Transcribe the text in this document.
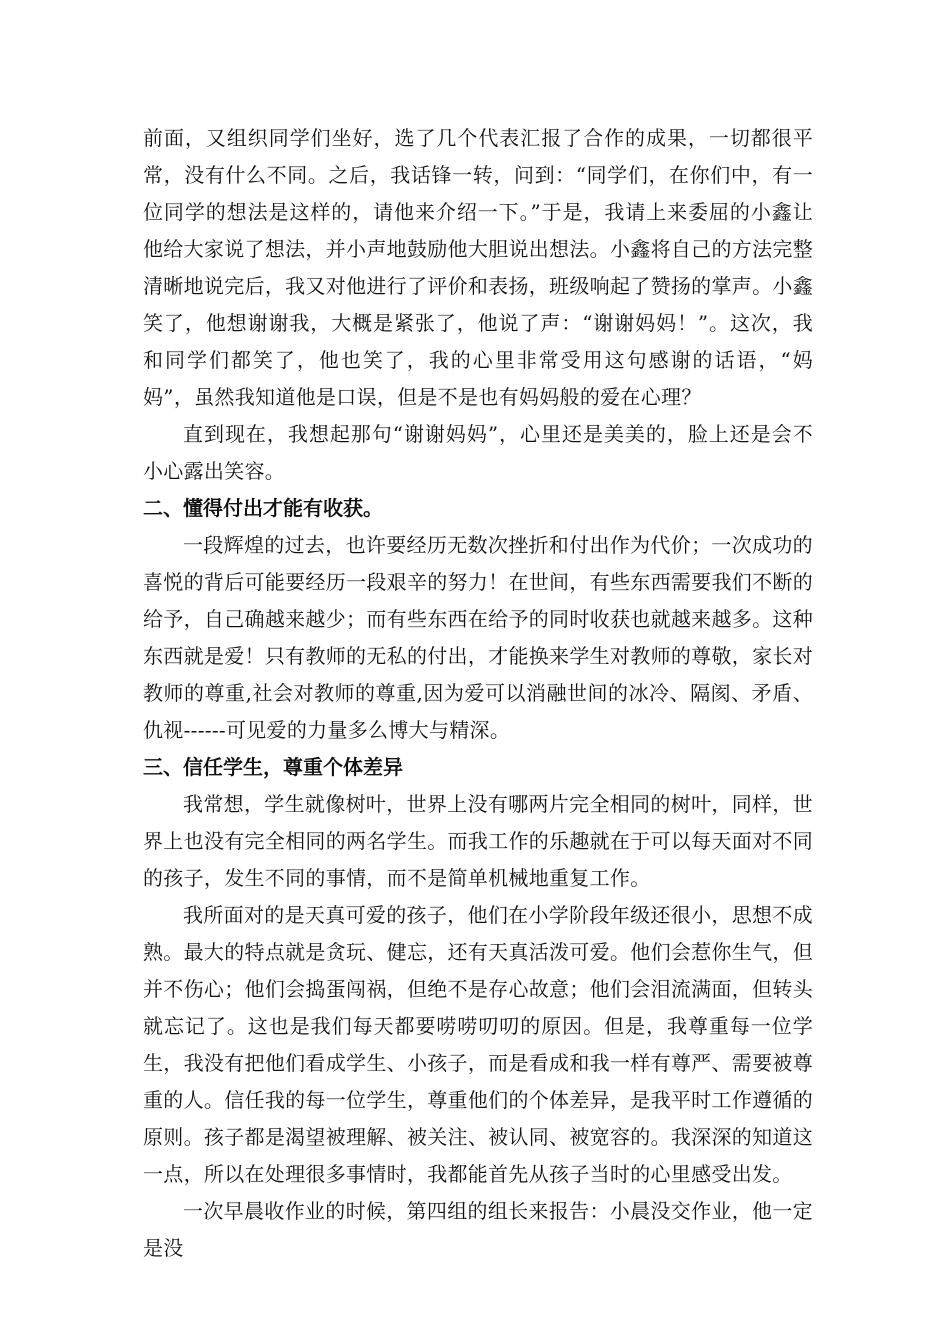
前面，又组织同学们坐好，选了几个代表汇报了合作的成果，一切都很平常，没有什么不同。之后，我话锋一转，问到：“同学们，在你们中，有一位同学的想法是这样的，请他来介绍一下。”于是，我请上来委屈的小鑫让他给大家说了想法，并小声地鼓励他大胆说出想法。小鑫将自己的方法完整清晰地说完后，我又对他进行了评价和表扬，班级响起了赞扬的掌声。小鑫笑了，他想谢谢我，大概是紧张了，他说了声：“谢谢妈妈！”。这次，我和同学们都笑了，他也笑了，我的心里非常受用这句感谢的话语，“妈妈”，虽然我知道他是口误，但是不是也有妈妈般的爱在心理？

直到现在，我想起那句“谢谢妈妈”，心里还是美美的，脸上还是会不小心露出笑容。

二、懂得付出才能有收获。

一段辉煌的过去，也许要经历无数次挫折和付出作为代价；一次成功的喜悦的背后可能要经历一段艰辛的努力！在世间，有些东西需要我们不断的给予，自己确越来越少；而有些东西在给予的同时收获也就越来越多。这种东西就是爱！只有教师的无私的付出，才能换来学生对教师的尊敬，家长对教师的尊重,社会对教师的尊重,因为爱可以消融世间的冰冷、隔阂、矛盾、仇视------可见爱的力量多么博大与精深。

三、信任学生，尊重个体差异

我常想，学生就像树叶，世界上没有哪两片完全相同的树叶，同样，世界上也没有完全相同的两名学生。而我工作的乐趣就在于可以每天面对不同的孩子，发生不同的事情，而不是简单机械地重复工作。

我所面对的是天真可爱的孩子，他们在小学阶段年级还很小，思想不成熟。最大的特点就是贪玩、健忘，还有天真活泼可爱。他们会惹你生气，但并不伤心；他们会捣蛋闯祸，但绝不是存心故意；他们会泪流满面，但转头就忘记了。这也是我们每天都要唠唠叨叨的原因。但是，我尊重每一位学生，我没有把他们看成学生、小孩子，而是看成和我一样有尊严、需要被尊重的人。信任我的每一位学生，尊重他们的个体差异，是我平时工作遵循的原则。孩子都是渴望被理解、被关注、被认同、被宽容的。我深深的知道这一点，所以在处理很多事情时，我都能首先从孩子当时的心里感受出发。

一次早晨收作业的时候，第四组的组长来报告：小晨没交作业，他一定是没
